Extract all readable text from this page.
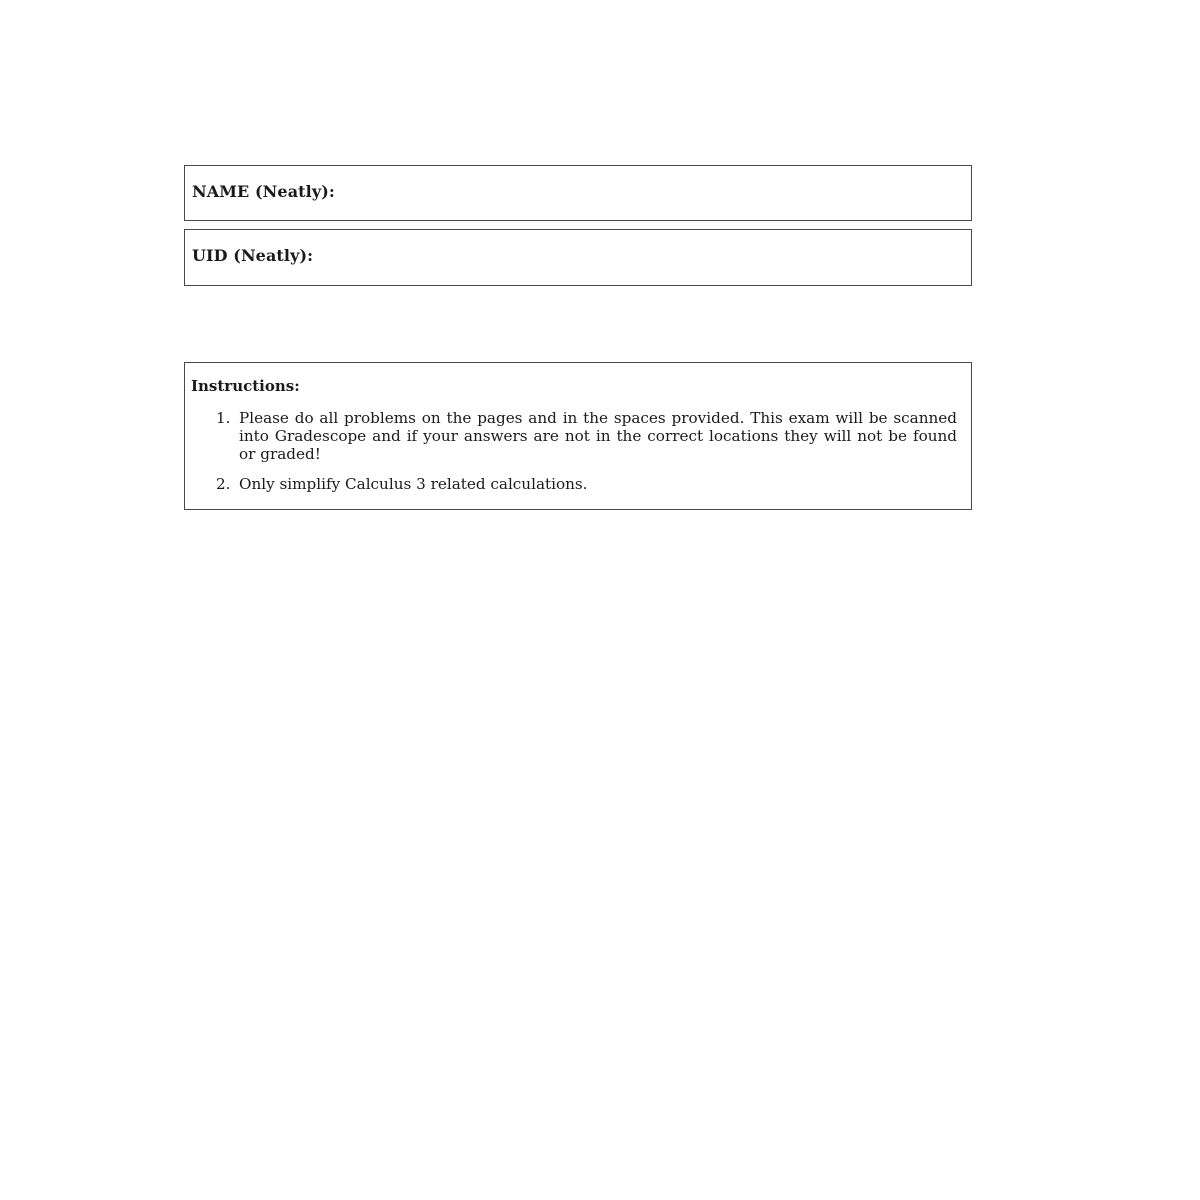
NAME (Neatly):
UID (Neatly):
Instructions:
1. Please do all problems on the pages and in the spaces provided. This exam will be scanned into Gradescope and if your answers are not in the correct locations they will not be found or graded!
2. Only simplify Calculus 3 related calculations.
